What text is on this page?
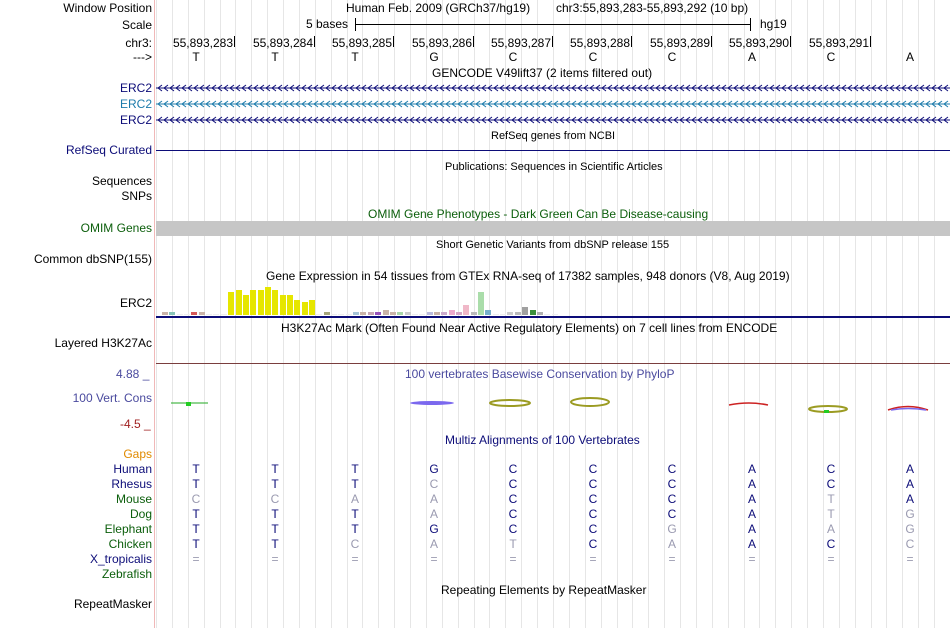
Window Position	Human Feb. 2009 (GRCh37/hg19) chr3:55,893,283-55,893,292 (10 bp)
Scale	5 bases	hg19
chr3:	55,893,283	55,893,284	55,893,285	55,893,286	55,893,287	55,893,288	55,893,289	55,893,290	55,893,291
--->	T	T	T	G	C	C	C	A	C	A
GENCODE V49lift37 (2 items filtered out)
ERC2
ERC2
ERC2
RefSeq genes from NCBI
RefSeq Curated
Publications: Sequences in Scientific Articles
Sequences
SNPs
OMIM Gene Phenotypes - Dark Green Can Be Disease-causing
OMIM Genes
Short Genetic Variants from dbSNP release 155
Common dbSNP(155)
Gene Expression in 54 tissues from GTEx RNA-seq of 17382 samples, 948 donors (V8, Aug 2019)
ERC2
H3K27Ac Mark (Often Found Near Active Regulatory Elements) on 7 cell lines from ENCODE
Layered H3K27Ac
100 vertebrates Basewise Conservation by PhyloP
4.88 _
100 Vert. Cons
-4.5 _
Multiz Alignments of 100 Vertebrates
Gaps
Human	T	T	T	G	C	C	C	A	C	A
Rhesus	T	T	T	C	C	C	C	A	C	A
Mouse	C	C	A	A	C	C	C	A	T	A
Dog	T	T	T	A	C	C	C	A	T	G
Elephant	T	T	T	G	C	C	G	A	A	G
Chicken	T	T	C	A	T	C	A	A	C	C
X_tropicalis	=	=	=	=	=	=	=	=	=	=
Zebrafish
Repeating Elements by RepeatMasker
RepeatMasker
